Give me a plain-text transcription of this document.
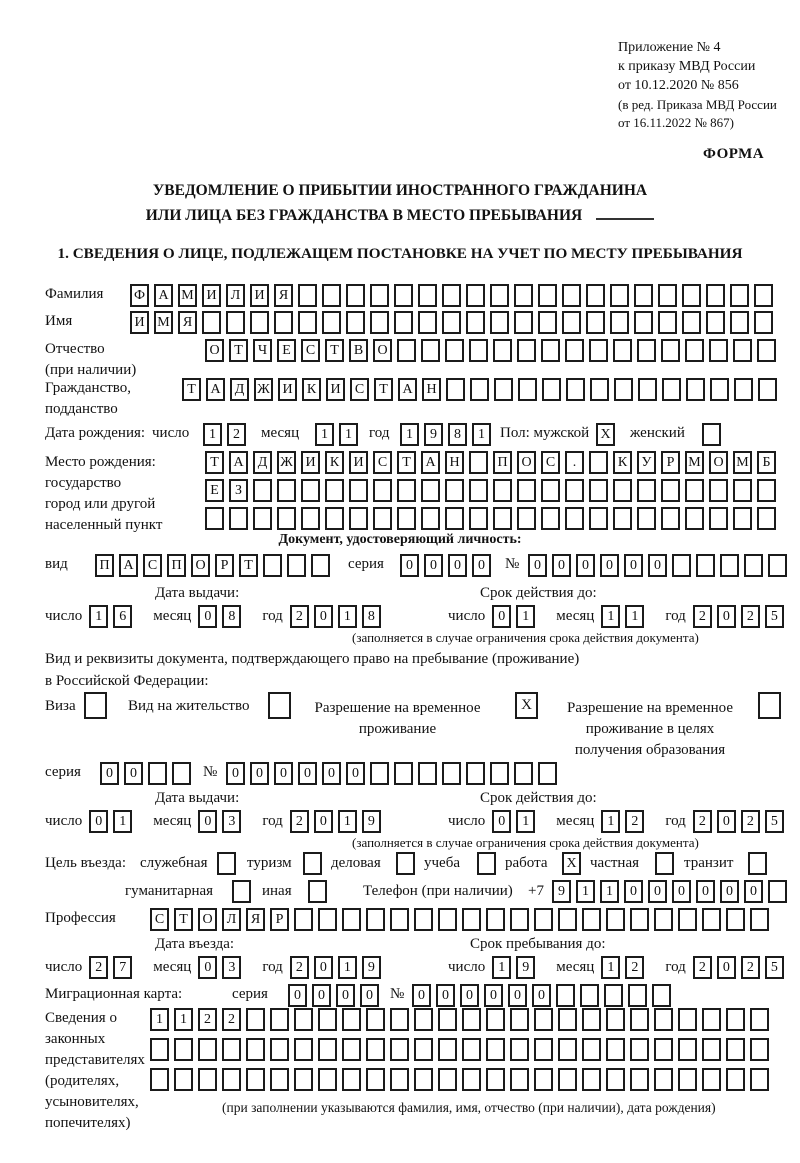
Приложение № 4
к приказу МВД России
от 10.12.2020 № 856
(в ред. Приказа МВД России
от 16.11.2022 № 867)
ФОРМА
УВЕДОМЛЕНИЕ О ПРИБЫТИИ ИНОСТРАННОГО ГРАЖДАНИНА
ИЛИ ЛИЦА БЕЗ ГРАЖДАНСТВА В МЕСТО ПРЕБЫВАНИЯ
1. СВЕДЕНИЯ О ЛИЦЕ, ПОДЛЕЖАЩЕМ ПОСТАНОВКЕ НА УЧЕТ ПО МЕСТУ ПРЕБЫВАНИЯ
Фамилия Ф А М И	Л	И	Я
Имя	И М Я
Отчество
(при наличии)
О	Т	Ч	Е	С	Т	В	О
Гражданство,
подданство
Т	А	Д Ж И	К	И	С	Т	А Н
Дата рождения: число	1	2	месяц	1	1	год	1	9	8	1	Пол: мужской X женский
Место рождения:
государство
город или другой
населенный пункт
Т	А	Д Ж И	К	И	С	Т	А Н	П О	С	.	К	У	Р М О М Б
Е	З
Документ, удостоверяющий личность:
вид	П А	С	П О	Р	Т	серия	0	0	0	0	№	0	0	0	0	0	0
Дата выдачи:	Срок действия до:
число 1	6	месяц 0	8	год 2	0	1	8	число 0	1	месяц 1	1	год 2	0	2	5
(заполняется в случае ограничения срока действия документа)
Вид и реквизиты документа, подтверждающего право на пребывание (проживание)
в Российской Федерации:
Виза	Вид на жительство	Разрешение на временное
проживание
X	Разрешение на временное
проживание в целях
получения образования
серия	0	0	№	0	0	0	0	0	0
Дата выдачи:	Срок действия до:
число 0	1	месяц 0	3	год 2	0	1	9	число 0	1	месяц 1	2	год 2	0	2	5
(заполняется в случае ограничения срока действия документа)
Цель въезда: служебная	туризм	деловая	учеба	работа	X частная	транзит
гуманитарная	иная	Телефон (при наличии) +7	9	1	1	0	0	0	0	0	0
Профессия	С	Т	О	Л	Я	Р
Дата въезда:	Срок пребывания до:
число 2	7	месяц 0	3	год 2	0	1	9	число 1	9	месяц 1	2	год 2	0	2	5
Миграционная карта:	серия	0	0	0	0	№ 0	0	0	0	0	0
Сведения о
законных
представителях
(родителях,
усыновителях,
попечителях)
1	1	2	2
(при заполнении указываются фамилия, имя, отчество (при наличии), дата рождения)
